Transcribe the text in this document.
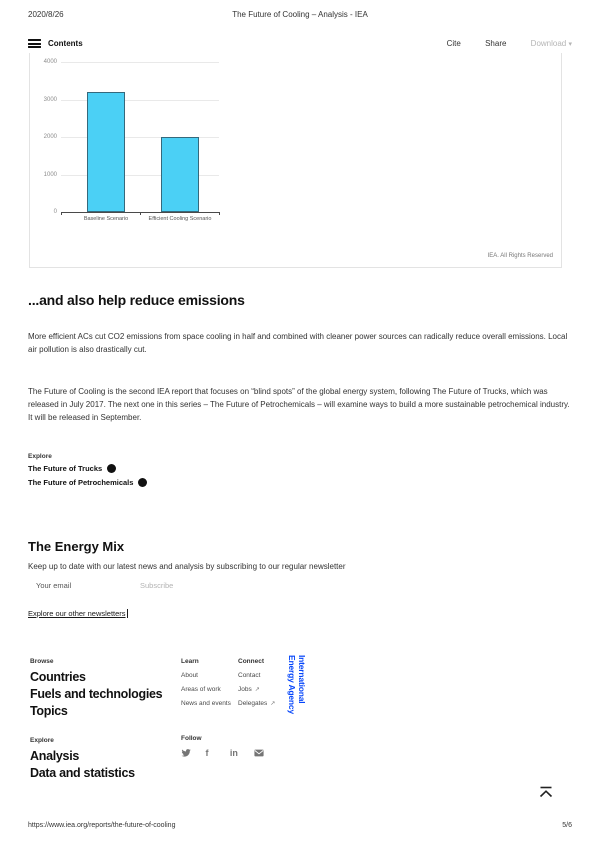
2020/8/26	The Future of Cooling – Analysis - IEA
Contents	Cite	Share	Download ▾
0
1000
2000
3000
4000
Baseline Scenario	Efficient Cooling Scenario
IEA. All Rights Reserved
...and also help reduce emissions

More efficient ACs cut CO2 emissions from space cooling in half and combined with cleaner power sources can radically reduce overall emissions. Local air pollution is also drastically cut.

The Future of Cooling is the second IEA report that focuses on “blind spots” of the global energy system, following The Future of Trucks, which was released in July 2017. The next one in this series – The Future of Petrochemicals – will examine ways to build a more sustainable petrochemical industry. It will be released in September.

Explore
The Future of Trucks
The Future of Petrochemicals
The Energy Mix

Keep up to date with our latest news and analysis by subscribing to our regular newsletter

Your email
Subscribe
Explore our other newsletters
Browse
Countries
Fuels and technologies
Topics
Explore
Analysis
Data and statistics
Learn
About
Areas of work
News and events
Connect
Contact
Jobs ↗
Delegates ↗
Follow
f in
International
Energy Agency
https://www.iea.org/reports/the-future-of-cooling	5/6
